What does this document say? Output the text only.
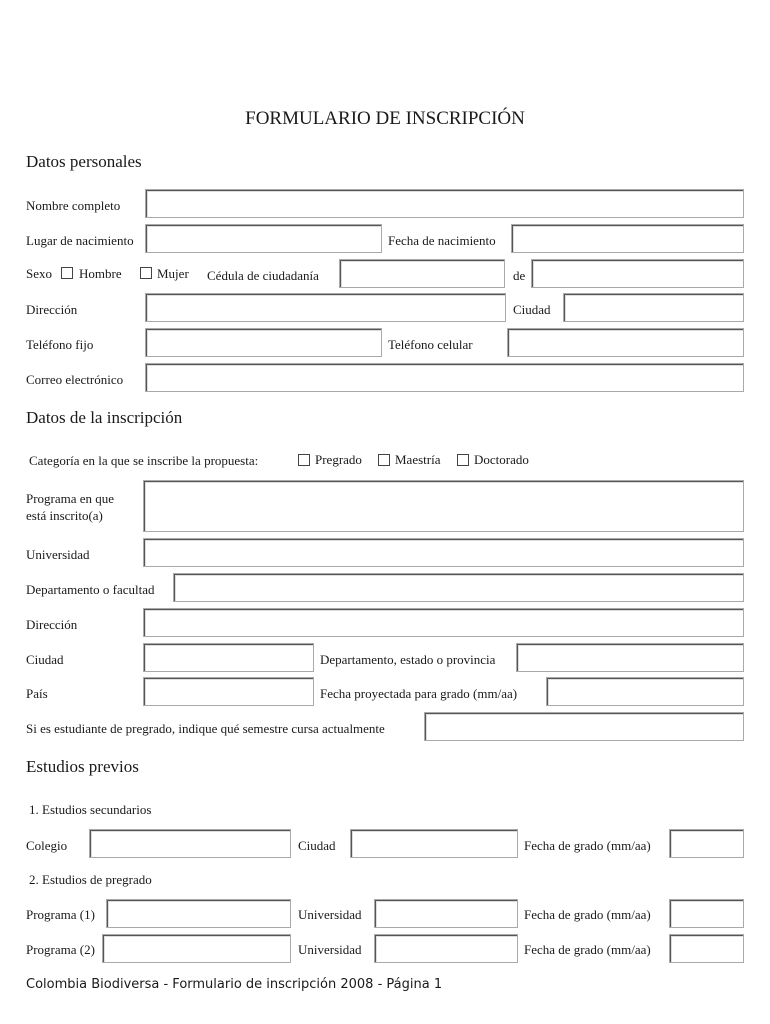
FORMULARIO DE INSCRIPCIÓN
Datos personales
Nombre completo
Lugar de nacimiento	Fecha de nacimiento
Sexo Hombre	Mujer Cédula de ciudadanía	de
Dirección	Ciudad
Teléfono fijo	Teléfono celular
Correo electrónico
Datos de la inscripción
Categoría en la que se inscribe la propuesta:	Pregrado	Maestría	Doctorado
Programa en que
está inscrito(a)
Universidad
Departamento o facultad
Dirección
Ciudad	Departamento, estado o provincia
País	Fecha proyectada para grado (mm/aa)
Si es estudiante de pregrado, indique qué semestre cursa actualmente
Estudios previos
1. Estudios secundarios
Colegio	Ciudad	Fecha de grado (mm/aa)
2. Estudios de pregrado
Programa (1)	Universidad	Fecha de grado (mm/aa)
Programa (2)	Universidad	Fecha de grado (mm/aa)
Colombia Biodiversa - Formulario de inscripción 2008 - Página 1
